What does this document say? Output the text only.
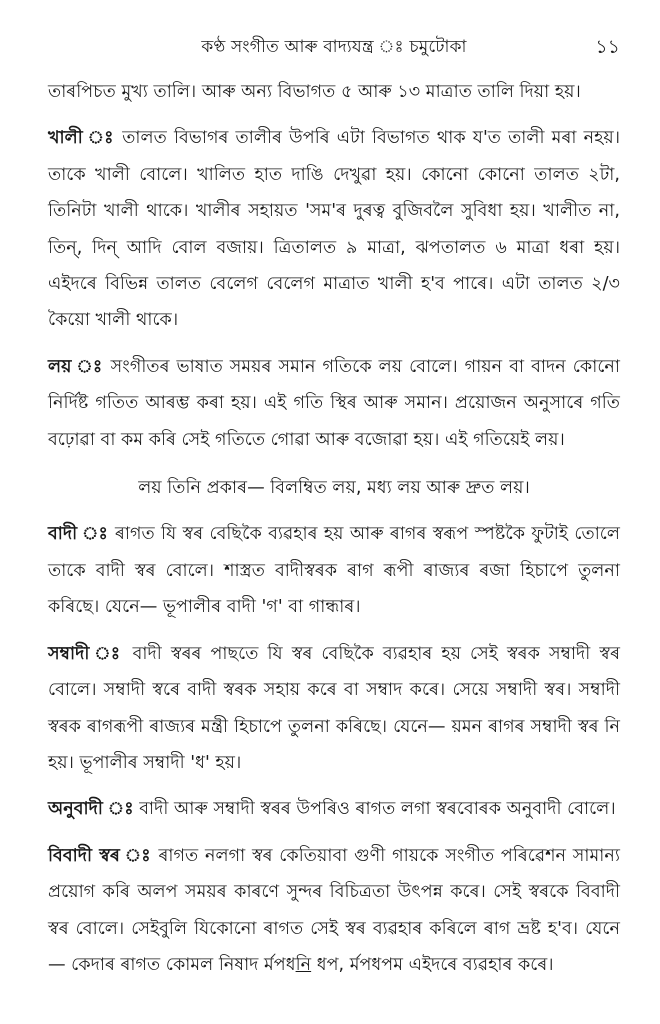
কণ্ঠ সংগীত আৰু বাদ্যযন্ত্ৰ ঃ চমুটোকা	১১

তাৰপিচত মুখ্য তালি। আৰু অন্য বিভাগত ৫ আৰু ১৩ মাত্ৰাত তালি দিয়া হয়।

খালী ঃ তালত বিভাগৰ তালীৰ উপৰি এটা বিভাগত থাক য'ত তালী মৰা নহয়। তাকে খালী বোলে। খালিত হাত দাঙি দেখুৱা হয়। কোনো কোনো তালত ২টা, তিনিটা খালী থাকে। খালীৰ সহায়ত 'সম'ৰ দুৰত্ব বুজিবলৈ সুবিধা হয়। খালীত না, তিন্, দিন্ আদি বোল বজায়। ত্ৰিতালত ৯ মাত্ৰা, ঝপতালত ৬ মাত্ৰা ধৰা হয়। এইদৰে বিভিন্ন তালত বেলেগ বেলেগ মাত্ৰাত খালী হ'ব পাৰে। এটা তালত ২/৩ কৈয়ো খালী থাকে।

লয় ঃ সংগীতৰ ভাষাত সময়ৰ সমান গতিকে লয় বোলে। গায়ন বা বাদন কোনো নিৰ্দিষ্ট গতিত আৰম্ভ কৰা হয়। এই গতি স্থিৰ আৰু সমান। প্ৰয়োজন অনুসাৰে গতি বঢ়োৱা বা কম কৰি সেই গতিতে গোৱা আৰু বজোৱা হয়। এই গতিয়েই লয়।

লয় তিনি প্ৰকাৰ— বিলম্বিত লয়, মধ্য লয় আৰু দ্ৰুত লয়।

বাদী ঃ ৰাগত যি স্বৰ বেছিকৈ ব্যৱহাৰ হয় আৰু ৰাগৰ স্বৰূপ স্পষ্টকৈ ফুটাই তোলে তাকে বাদী স্বৰ বোলে। শাস্ত্ৰত বাদীস্বৰক ৰাগ ৰূপী ৰাজ্যৰ ৰজা হিচাপে তুলনা কৰিছে। যেনে— ভূপালীৰ বাদী 'গ' বা গান্ধাৰ।

সম্বাদী ঃ বাদী স্বৰৰ পাছতে যি স্বৰ বেছিকৈ ব্যৱহাৰ হয় সেই স্বৰক সম্বাদী স্বৰ বোলে। সম্বাদী স্বৰে বাদী স্বৰক সহায় কৰে বা সম্বাদ কৰে। সেয়ে সম্বাদী স্বৰ। সম্বাদী স্বৰক ৰাগৰূপী ৰাজ্যৰ মন্ত্ৰী হিচাপে তুলনা কৰিছে। যেনে— য়মন ৰাগৰ সম্বাদী স্বৰ নি হয়। ভূপালীৰ সম্বাদী 'ধ' হয়।

অনুবাদী ঃ বাদী আৰু সম্বাদী স্বৰৰ উপৰিও ৰাগত লগা স্বৰবোৰক অনুবাদী বোলে।

বিবাদী স্বৰ ঃ ৰাগত নলগা স্বৰ কেতিয়াবা গুণী গায়কে সংগীত পৰিৱেশন সামান্য প্ৰয়োগ কৰি অলপ সময়ৰ কাৰণে সুন্দৰ বিচিত্ৰতা উৎপন্ন কৰে। সেই স্বৰকে বিবাদী স্বৰ বোলে। সেইবুলি যিকোনো ৰাগত সেই স্বৰ ব্যৱহাৰ কৰিলে ৰাগ ভ্ৰষ্ট হ'ব। যেনে— কেদাৰ ৰাগত কোমল নিষাদ ৰ্মপধনি ধপ, ৰ্মপধপম এইদৰে ব্যৱহাৰ কৰে।
